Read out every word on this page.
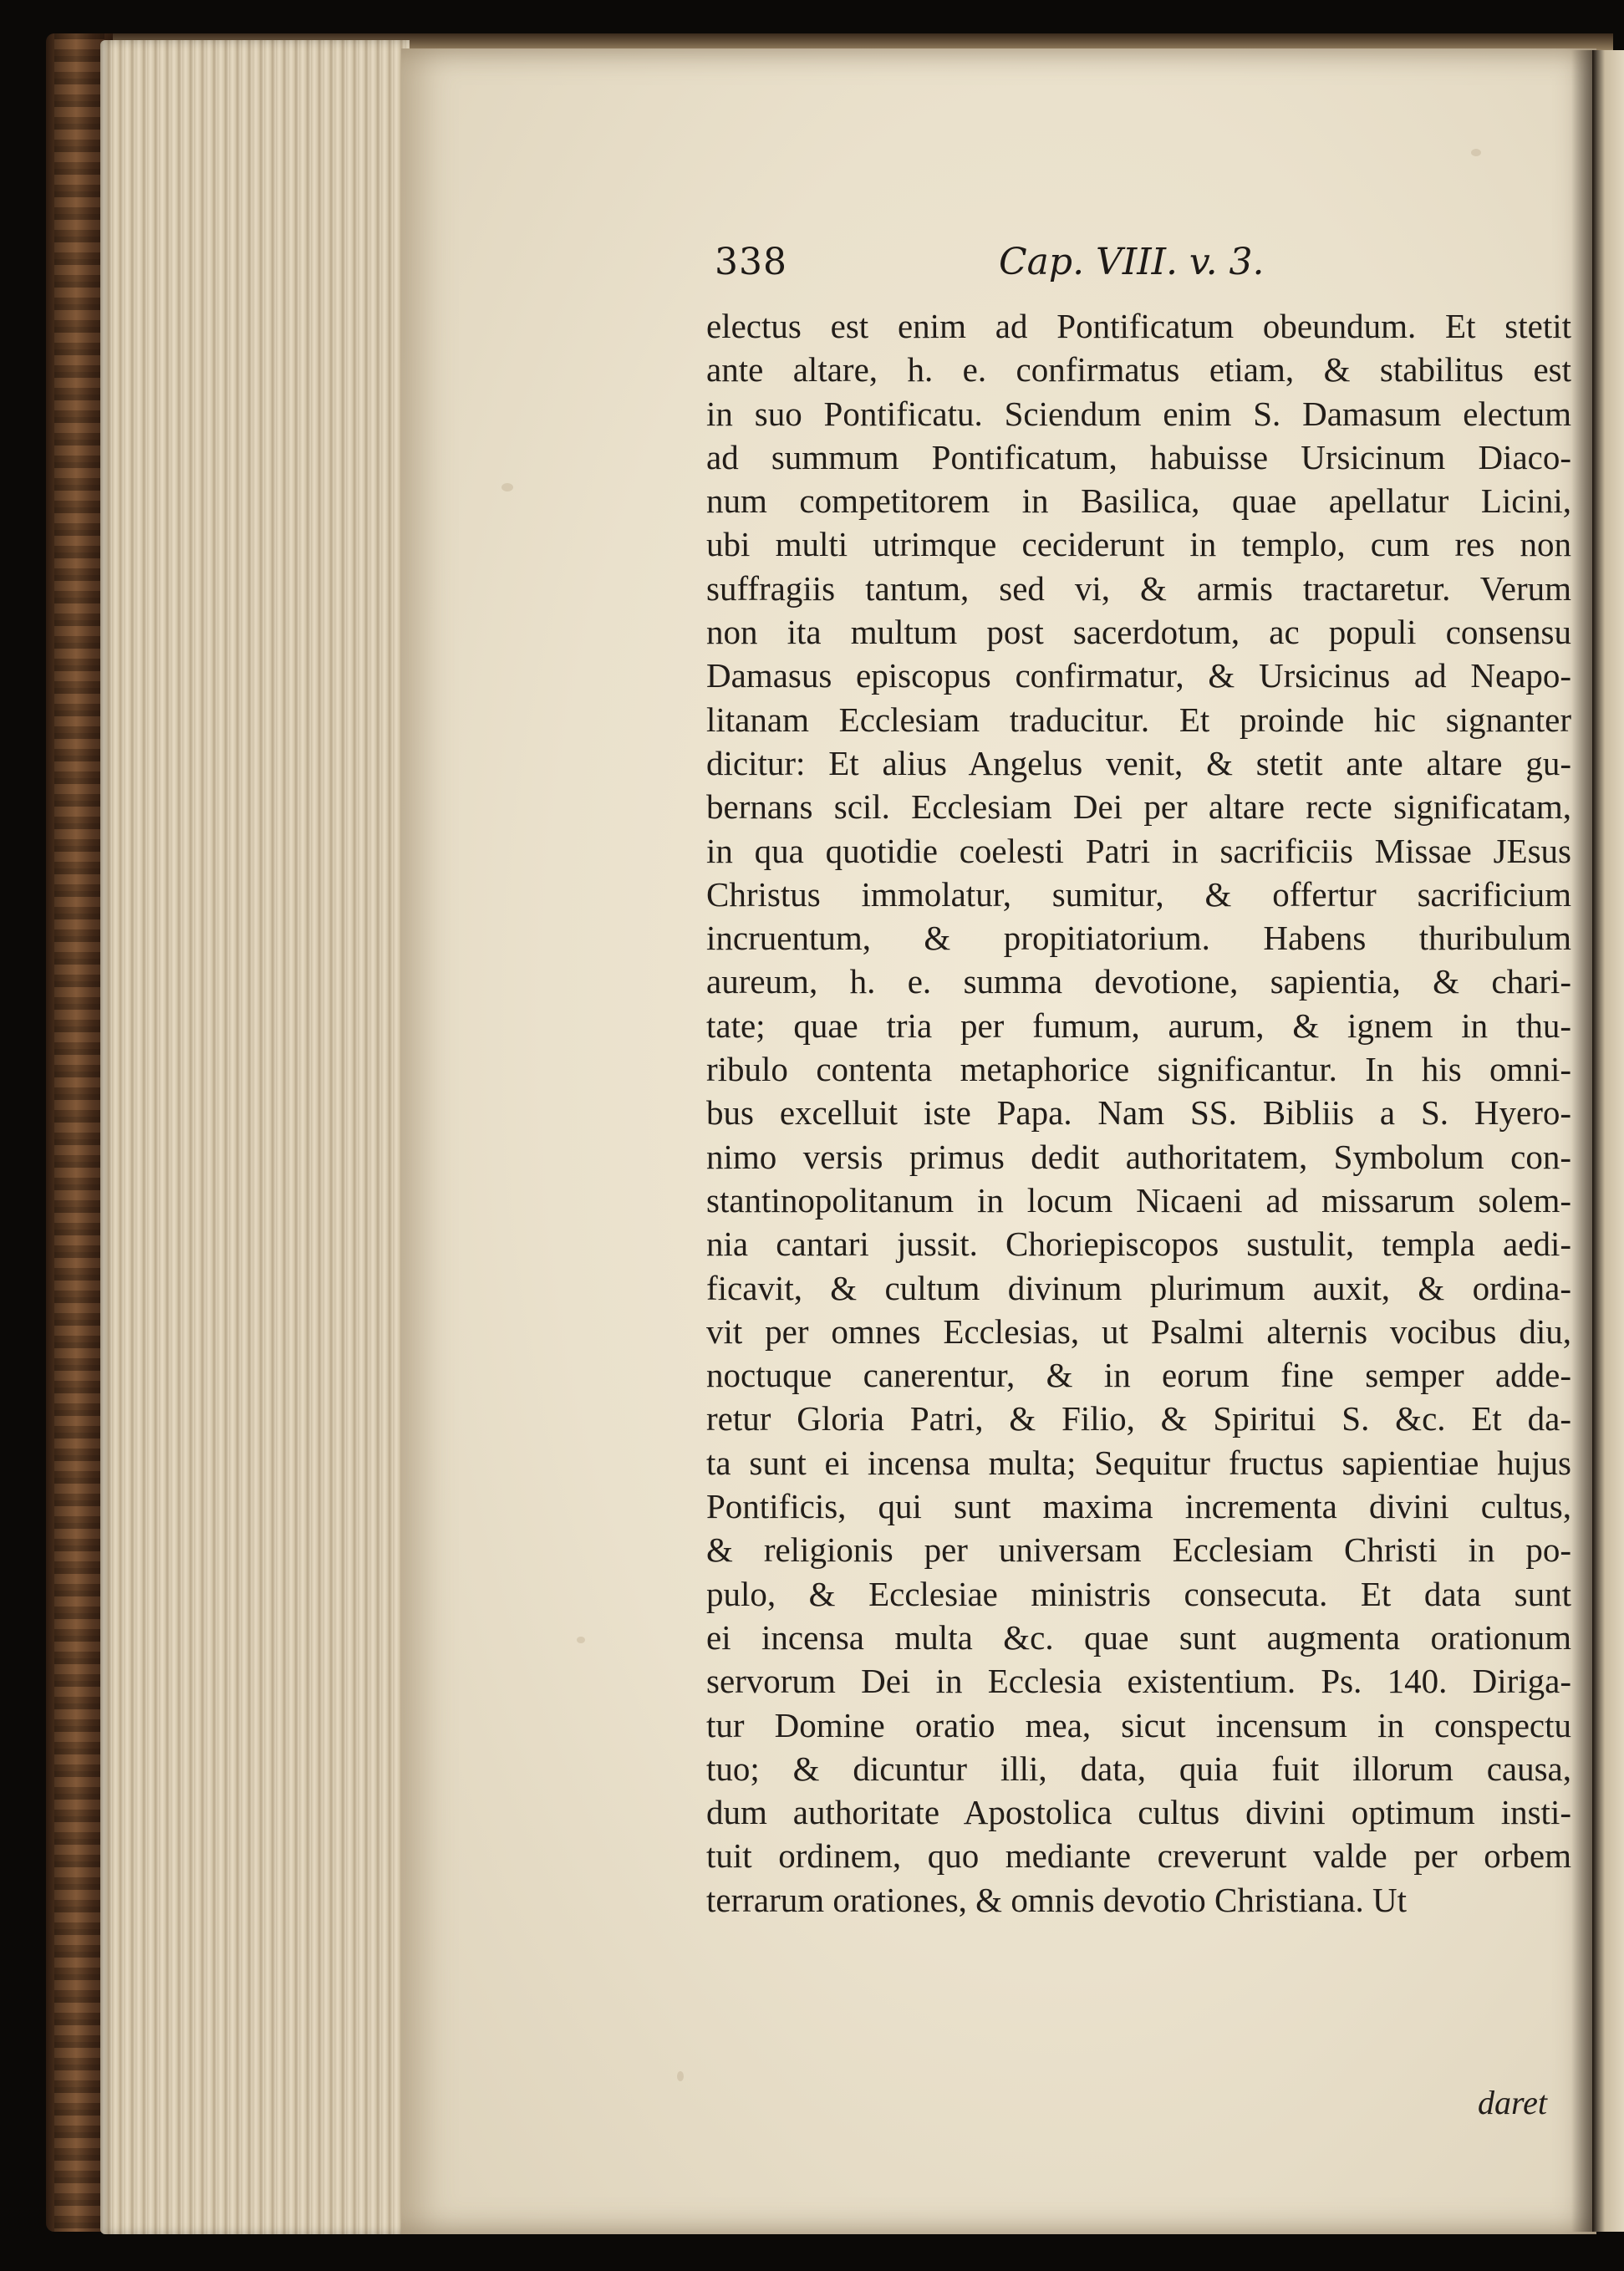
338	Cap. VIII. v. 3.
electus est enim ad Pontificatum obeundum. Et stetit
ante altare, h. e. confirmatus etiam, & stabilitus est
in suo Pontificatu. Sciendum enim S. Damasum electum
ad summum Pontificatum, habuisse Ursicinum Diaco-
num competitorem in Basilica, quae apellatur Licini,
ubi multi utrimque ceciderunt in templo, cum res non
suffragiis tantum, sed vi, & armis tractaretur. Verum
non ita multum post sacerdotum, ac populi consensu
Damasus episcopus confirmatur, & Ursicinus ad Neapo-
litanam Ecclesiam traducitur. Et proinde hic signanter
dicitur: Et alius Angelus venit, & stetit ante altare gu-
bernans scil. Ecclesiam Dei per altare recte significatam,
in qua quotidie coelesti Patri in sacrificiis Missae JEsus
Christus immolatur, sumitur, & offertur sacrificium
incruentum, & propitiatorium. Habens thuribulum
aureum, h. e. summa devotione, sapientia, & chari-
tate; quae tria per fumum, aurum, & ignem in thu-
ribulo contenta metaphorice significantur. In his omni-
bus excelluit iste Papa. Nam SS. Bibliis a S. Hyero-
nimo versis primus dedit authoritatem, Symbolum con-
stantinopolitanum in locum Nicaeni ad missarum solem-
nia cantari jussit. Choriepiscopos sustulit, templa aedi-
ficavit, & cultum divinum plurimum auxit, & ordina-
vit per omnes Ecclesias, ut Psalmi alternis vocibus diu,
noctuque canerentur, & in eorum fine semper adde-
retur Gloria Patri, & Filio, & Spiritui S. &c. Et da-
ta sunt ei incensa multa; Sequitur fructus sapientiae hujus
Pontificis, qui sunt maxima incrementa divini cultus,
& religionis per universam Ecclesiam Christi in po-
pulo, & Ecclesiae ministris consecuta. Et data sunt
ei incensa multa &c. quae sunt augmenta orationum
servorum Dei in Ecclesia existentium. Ps. 140. Diriga-
tur Domine oratio mea, sicut incensum in conspectu
tuo; & dicuntur illi, data, quia fuit illorum causa,
dum authoritate Apostolica cultus divini optimum insti-
tuit ordinem, quo mediante creverunt valde per orbem
terrarum orationes, & omnis devotio Christiana. Ut
daret
